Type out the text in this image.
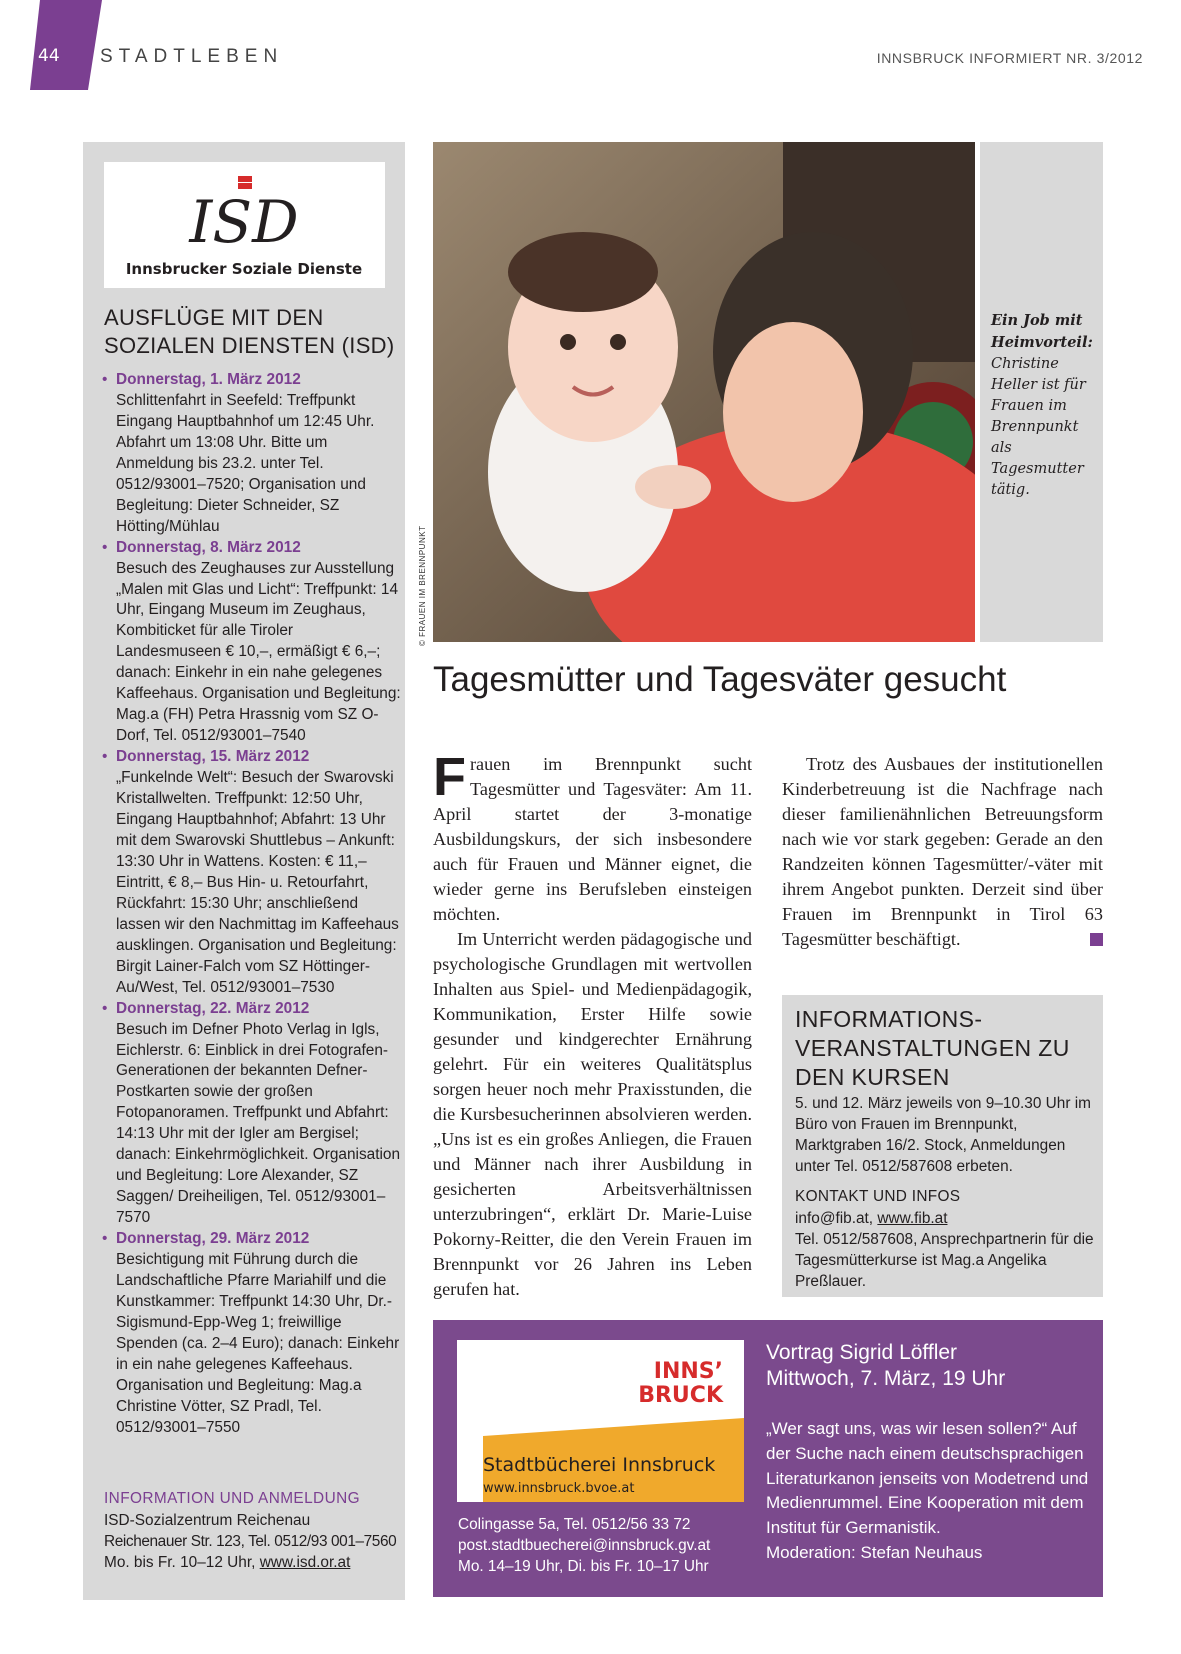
44	STADTLEBEN	INNSBRUCK INFORMIERT NR. 3/2012
ISD
Innsbrucker Soziale Dienste
AUSFLÜGE MIT DEN
SOZIALEN DIENSTEN (ISD)
• Donnerstag, 1. März 2012
Schlittenfahrt in Seefeld: Treffpunkt Eingang Hauptbahnhof um 12:45 Uhr. Abfahrt um 13:08 Uhr. Bitte um Anmeldung bis 23.2. unter Tel. 0512/93001–7520; Organisation und Begleitung: Dieter Schneider, SZ Hötting/Mühlau
• Donnerstag, 8. März 2012
Besuch des Zeughauses zur Ausstellung „Malen mit Glas und Licht“: Treffpunkt: 14 Uhr, Eingang Museum im Zeughaus, Kombiticket für alle Tiroler Landesmuseen € 10,–, ermäßigt € 6,–; danach: Einkehr in ein nahe gelegenes Kaffeehaus. Organisation und Begleitung: Mag.a (FH) Petra Hrassnig vom SZ O-Dorf, Tel. 0512/93001–7540
• Donnerstag, 15. März 2012
„Funkelnde Welt“: Besuch der Swarovski Kristallwelten. Treffpunkt: 12:50 Uhr, Eingang Hauptbahnhof; Abfahrt: 13 Uhr mit dem Swarovski Shuttlebus – Ankunft: 13:30 Uhr in Wattens. Kosten: € 11,– Eintritt, € 8,– Bus Hin- u. Retourfahrt, Rückfahrt: 15:30 Uhr; anschließend lassen wir den Nachmittag im Kaffeehaus ausklingen. Organisation und Begleitung: Birgit Lainer-Falch vom SZ Höttinger-Au/West, Tel. 0512/93001–7530
• Donnerstag, 22. März 2012
Besuch im Defner Photo Verlag in Igls, Eichlerstr. 6: Einblick in drei Fotografen-Generationen der bekannten Defner-Postkarten sowie der großen Fotopanoramen. Treffpunkt und Abfahrt: 14:13 Uhr mit der Igler am Bergisel; danach: Einkehrmöglichkeit. Organisation und Begleitung: Lore Alexander, SZ Saggen/ Dreiheiligen, Tel. 0512/93001–7570
• Donnerstag, 29. März 2012
Besichtigung mit Führung durch die Landschaftliche Pfarre Mariahilf und die Kunstkammer: Treffpunkt 14:30 Uhr, Dr.-Sigismund-Epp-Weg 1; freiwillige Spenden (ca. 2–4 Euro); danach: Einkehr in ein nahe gelegenes Kaffeehaus. Organisation und Begleitung: Mag.a Christine Vötter, SZ Pradl, Tel. 0512/93001–7550
INFORMATION UND ANMELDUNG
ISD-Sozialzentrum Reichenau
Reichenauer Str. 123, Tel. 0512/93 001–7560
Mo. bis Fr. 10–12 Uhr, www.isd.or.at
© FRAUEN IM BRENNPUNKT
Ein Job mit Heimvorteil: Christine Heller ist für Frauen im Brennpunkt als Tagesmutter tätig.
Tagesmütter und Tagesväter gesucht

Frauen im Brennpunkt sucht Tagesmütter und Tagesväter: Am 11. April startet der 3-monatige Ausbildungskurs, der sich insbesondere auch für Frauen und Männer eignet, die wieder gerne ins Berufsleben einsteigen möchten.

Im Unterricht werden pädagogische und psychologische Grundlagen mit wertvollen Inhalten aus Spiel- und Medienpädagogik, Kommunikation, Erster Hilfe sowie gesunder und kindgerechter Ernährung gelehrt. Für ein weiteres Qualitätsplus sorgen heuer noch mehr Praxisstunden, die die Kursbesucherinnen absolvieren werden. „Uns ist es ein großes Anliegen, die Frauen und Männer nach ihrer Ausbildung in gesicherten Arbeitsverhältnissen unterzubringen“, erklärt Dr. Marie-Luise Pokorny-Reitter, die den Verein Frauen im Brennpunkt vor 26 Jahren ins Leben gerufen hat.

Trotz des Ausbaues der institutionellen Kinderbetreuung ist die Nachfrage nach dieser familienähnlichen Betreuungsform nach wie vor stark gegeben: Gerade an den Randzeiten können Tagesmütter/-väter mit ihrem Angebot punkten. Derzeit sind über Frauen im Brennpunkt in Tirol 63 Tagesmütter beschäftigt.

INFORMATIONS-
VERANSTALTUNGEN ZU
DEN KURSEN
5. und 12. März jeweils von 9–10.30 Uhr im Büro von Frauen im Brennpunkt, Marktgraben 16/2. Stock, Anmeldungen unter Tel. 0512/587608 erbeten.
KONTAKT UND INFOS
info@fib.at, www.fib.at
Tel. 0512/587608, Ansprechpartnerin für die Tagesmütterkurse ist Mag.a Angelika Preßlauer.
INNS’
BRUCK
Stadtbücherei Innsbruck
www.innsbruck.bvoe.at
Colingasse 5a, Tel. 0512/56 33 72
post.stadtbuecherei@innsbruck.gv.at
Mo. 14–19 Uhr, Di. bis Fr. 10–17 Uhr
Vortrag Sigrid Löffler
Mittwoch, 7. März, 19 Uhr
„Wer sagt uns, was wir lesen sollen?“ Auf der Suche nach einem deutschsprachigen Literaturkanon jenseits von Modetrend und Medienrummel. Eine Kooperation mit dem Institut für Germanistik.
Moderation: Stefan Neuhaus
